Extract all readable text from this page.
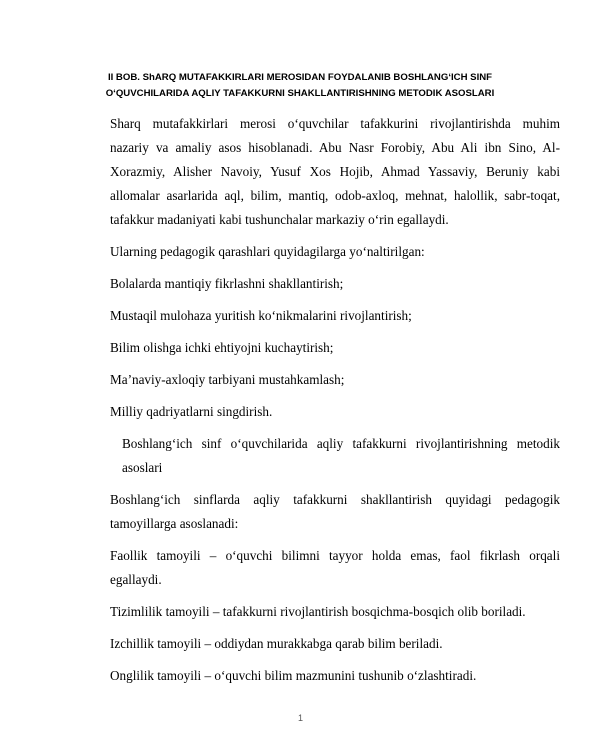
II BOB. ShARQ MUTAFAKKIRLARI MEROSIDAN FOYDALANIB BOSHLANG‘ICH SINF
O‘QUVCHILARIDA AQLIY TAFAKKURNI SHAKLLANTIRISHNING METODIK ASOSLARI

Sharq mutafakkirlari merosi o‘quvchilar tafakkurini rivojlantirishda muhim
nazariy va amaliy asos hisoblanadi. Abu Nasr Forobiy, Abu Ali ibn Sino, Al-
Xorazmiy, Alisher Navoiy, Yusuf Xos Hojib, Ahmad Yassaviy, Beruniy kabi
allomalar asarlarida aql, bilim, mantiq, odob-axloq, mehnat, halollik, sabr-toqat,
tafakkur madaniyati kabi tushunchalar markaziy o‘rin egallaydi.

Ularning pedagogik qarashlari quyidagilarga yo‘naltirilgan:

Bolalarda mantiqiy fikrlashni shakllantirish;

Mustaqil mulohaza yuritish ko‘nikmalarini rivojlantirish;

Bilim olishga ichki ehtiyojni kuchaytirish;

Ma’naviy-axloqiy tarbiyani mustahkamlash;

Milliy qadriyatlarni singdirish.

Boshlang‘ich sinf o‘quvchilarida aqliy tafakkurni rivojlantirishning metodik
asoslari

Boshlang‘ich sinflarda aqliy tafakkurni shakllantirish quyidagi pedagogik
tamoyillarga asoslanadi:

Faollik tamoyili – o‘quvchi bilimni tayyor holda emas, faol fikrlash orqali
egallaydi.

Tizimlilik tamoyili – tafakkurni rivojlantirish bosqichma-bosqich olib boriladi.

Izchillik tamoyili – oddiydan murakkabga qarab bilim beriladi.

Onglilik tamoyili – o‘quvchi bilim mazmunini tushunib o‘zlashtiradi.

1
